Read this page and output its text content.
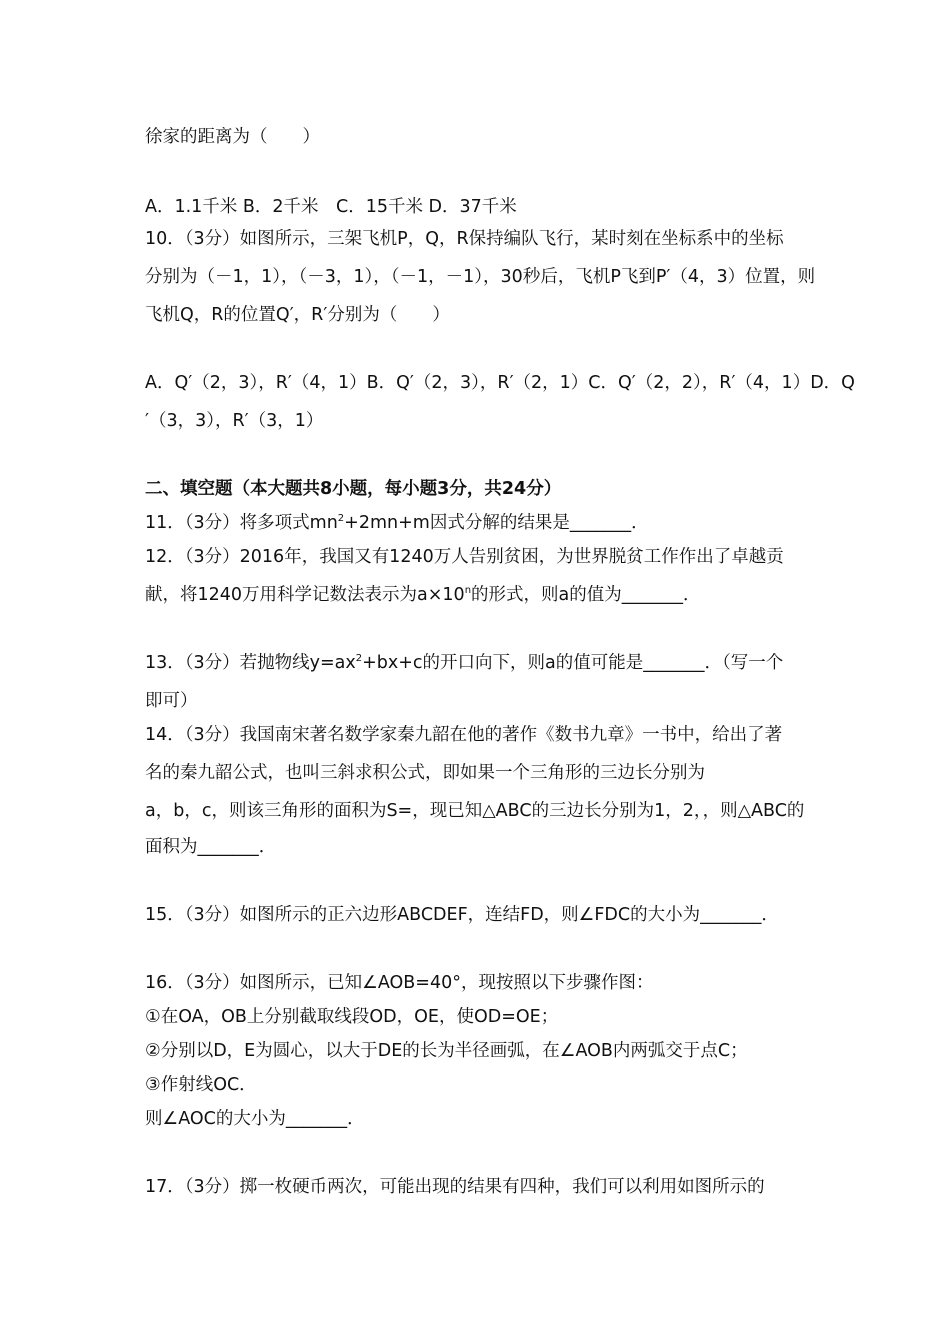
徐家的距离为（　　）
A．1.1千米 B．2千米　C．15千米 D．37千米
10．（3分）如图所示，三架飞机P，Q，R保持编队飞行，某时刻在坐标系中的坐标
分别为（－1，1），（－3，1），（－1，－1），30秒后，飞机P飞到P′（4，3）位置，则
飞机Q，R的位置Q′，R′分别为（　　）
A．Q′（2，3），R′（4，1）B．Q′（2，3），R′（2，1）C．Q′（2，2），R′（4，1）D ． Q
′（3，3），R′（3，1）
二、填空题（本大题共8小题，每小题3分，共24分）
11．（3分）将多项式$mn^2+2mn+m$因式分解的结果是_______．
12．（3分）2016年，我国又有1240万人告别贫困，为世界脱贫工作作出了卓越贡
献，将1240万用科学记数法表示为$a\times 10^n$的形式，则a的值为_______．
13．（3分）若抛物线$y=ax^2+bx+c$的开口向下，则a的值可能是_______．（写一个
即可）
14．（3分）我国南宋著名数学家秦九韶在他的著作《数书九章》一书中，给出了著
名的秦九韶公式，也叫三斜求积公式，即如果一个三角形的三边长分别为
a，b，c，则该三角形的面积为S=，现已知△ABC的三边长分别为1，2，，则△ABC的
面积为_______．
15．（3分）如图所示的正六边形ABCDEF，连结FD，则∠FDC的大小为_______．
16．（3分）如图所示，已知∠AOB=40°，现按照以下步骤作图：
①在OA，OB上分别截取线段OD，OE，使OD=OE；
②分别以D，E为圆心，以大于DE的长为半径画弧，在∠AOB内两弧交于点C；
③作射线OC．
则∠AOC的大小为_______．
17．（3分）掷一枚硬币两次，可能出现的结果有四种，我们可以利用如图所示的
